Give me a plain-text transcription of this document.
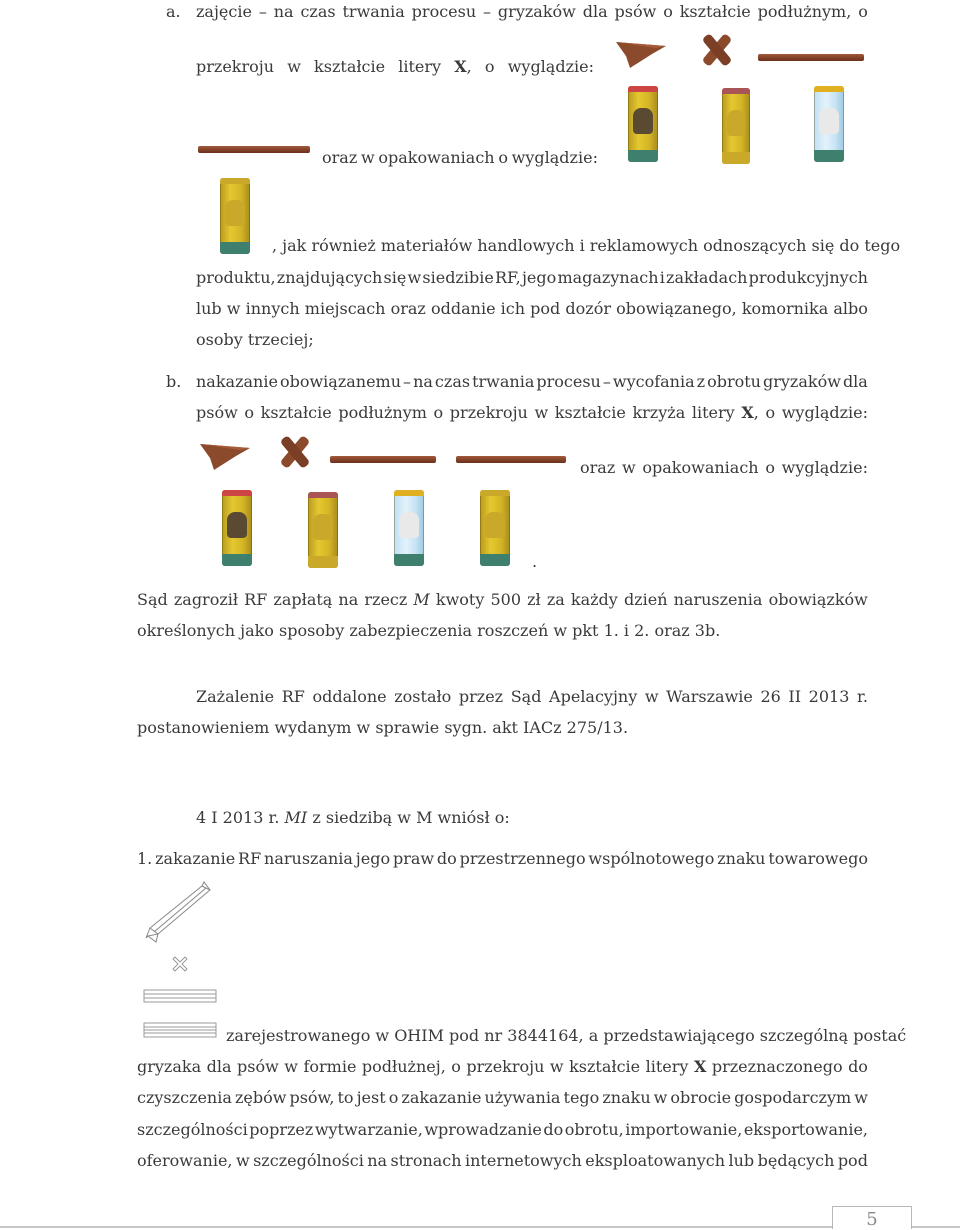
a. zajęcie – na czas trwania procesu – gryzaków dla psów o kształcie podłużnym, o
przekroju w kształcie litery X, o wyglądzie:
oraz w opakowaniach o wyglądzie:
, jak również materiałów handlowych i reklamowych odnoszących się do tego
produktu, znajdujących się w siedzibie RF, jego magazynach i zakładach produkcyjnych
lub w innych miejscach oraz oddanie ich pod dozór obowiązanego, komornika albo
osoby trzeciej;
b. nakazanie obowiązanemu – na czas trwania procesu – wycofania z obrotu gryzaków dla
psów o kształcie podłużnym o przekroju w kształcie krzyża litery X, o wyglądzie:
oraz w opakowaniach o wyglądzie:
.
Sąd zagroził RF zapłatą na rzecz M kwoty 500 zł za każdy dzień naruszenia obowiązków
określonych jako sposoby zabezpieczenia roszczeń w pkt 1. i 2. oraz 3b.
Zażalenie RF oddalone zostało przez Sąd Apelacyjny w Warszawie 26 II 2013 r.
postanowieniem wydanym w sprawie sygn. akt IACz 275/13.
4 I 2013 r. MI z siedzibą w M wniósł o:
1. zakazanie RF naruszania jego praw do przestrzennego wspólnotowego znaku towarowego
zarejestrowanego w OHIM pod nr 3844164, a przedstawiającego szczególną postać
gryzaka dla psów w formie podłużnej, o przekroju w kształcie litery X przeznaczonego do
czyszczenia zębów psów, to jest o zakazanie używania tego znaku w obrocie gospodarczym w
szczególności poprzez wytwarzanie, wprowadzanie do obrotu, importowanie, eksportowanie,
oferowanie, w szczególności na stronach internetowych eksploatowanych lub będących pod
5
